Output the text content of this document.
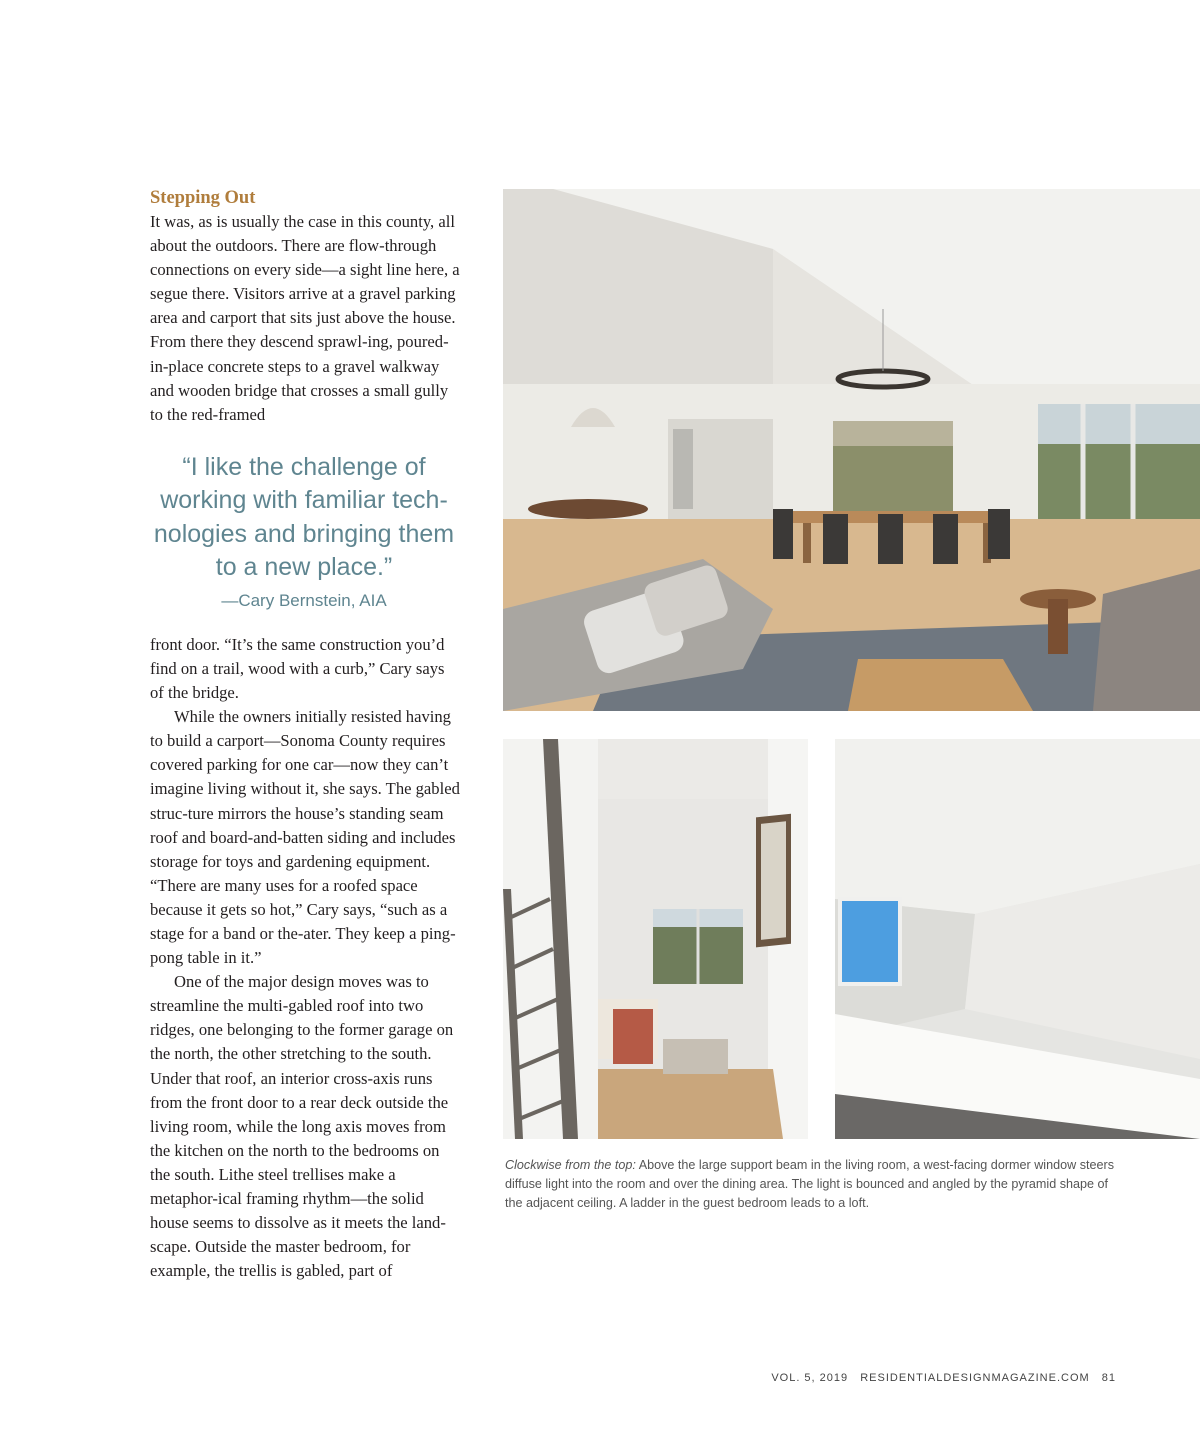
Stepping Out

It was, as is usually the case in this county, all about the outdoors. There are flow-through connections on every side—a sight line here, a segue there. Visitors arrive at a gravel parking area and carport that sits just above the house. From there they descend sprawl-ing, poured-in-place concrete steps to a gravel walkway and wooden bridge that crosses a small gully to the red-framed

“I like the challenge of working with familiar tech-nologies and bringing them to a new place.”

—Cary Bernstein, AIA

front door. “It’s the same construction you’d find on a trail, wood with a curb,” Cary says of the bridge.

While the owners initially resisted having to build a carport—Sonoma County requires covered parking for one car—now they can’t imagine living without it, she says. The gabled struc-ture mirrors the house’s standing seam roof and board-and-batten siding and includes storage for toys and gardening equipment. “There are many uses for a roofed space because it gets so hot,” Cary says, “such as a stage for a band or the-ater. They keep a ping-pong table in it.”

One of the major design moves was to streamline the multi-gabled roof into two ridges, one belonging to the former garage on the north, the other stretching to the south. Under that roof, an interior cross-axis runs from the front door to a rear deck outside the living room, while the long axis moves from the kitchen on the north to the bedrooms on the south. Lithe steel trellises make a metaphor-ical framing rhythm—the solid house seems to dissolve as it meets the land-scape. Outside the master bedroom, for example, the trellis is gabled, part of

Clockwise from the top: Above the large support beam in the living room, a west-facing dormer window steers diffuse light into the room and over the dining area. The light is bounced and angled by the pyramid shape of the adjacent ceiling. A ladder in the guest bedroom leads to a loft.
VOL. 5, 2019 RESIDENTIALDESIGNMAGAZINE.COM 81
